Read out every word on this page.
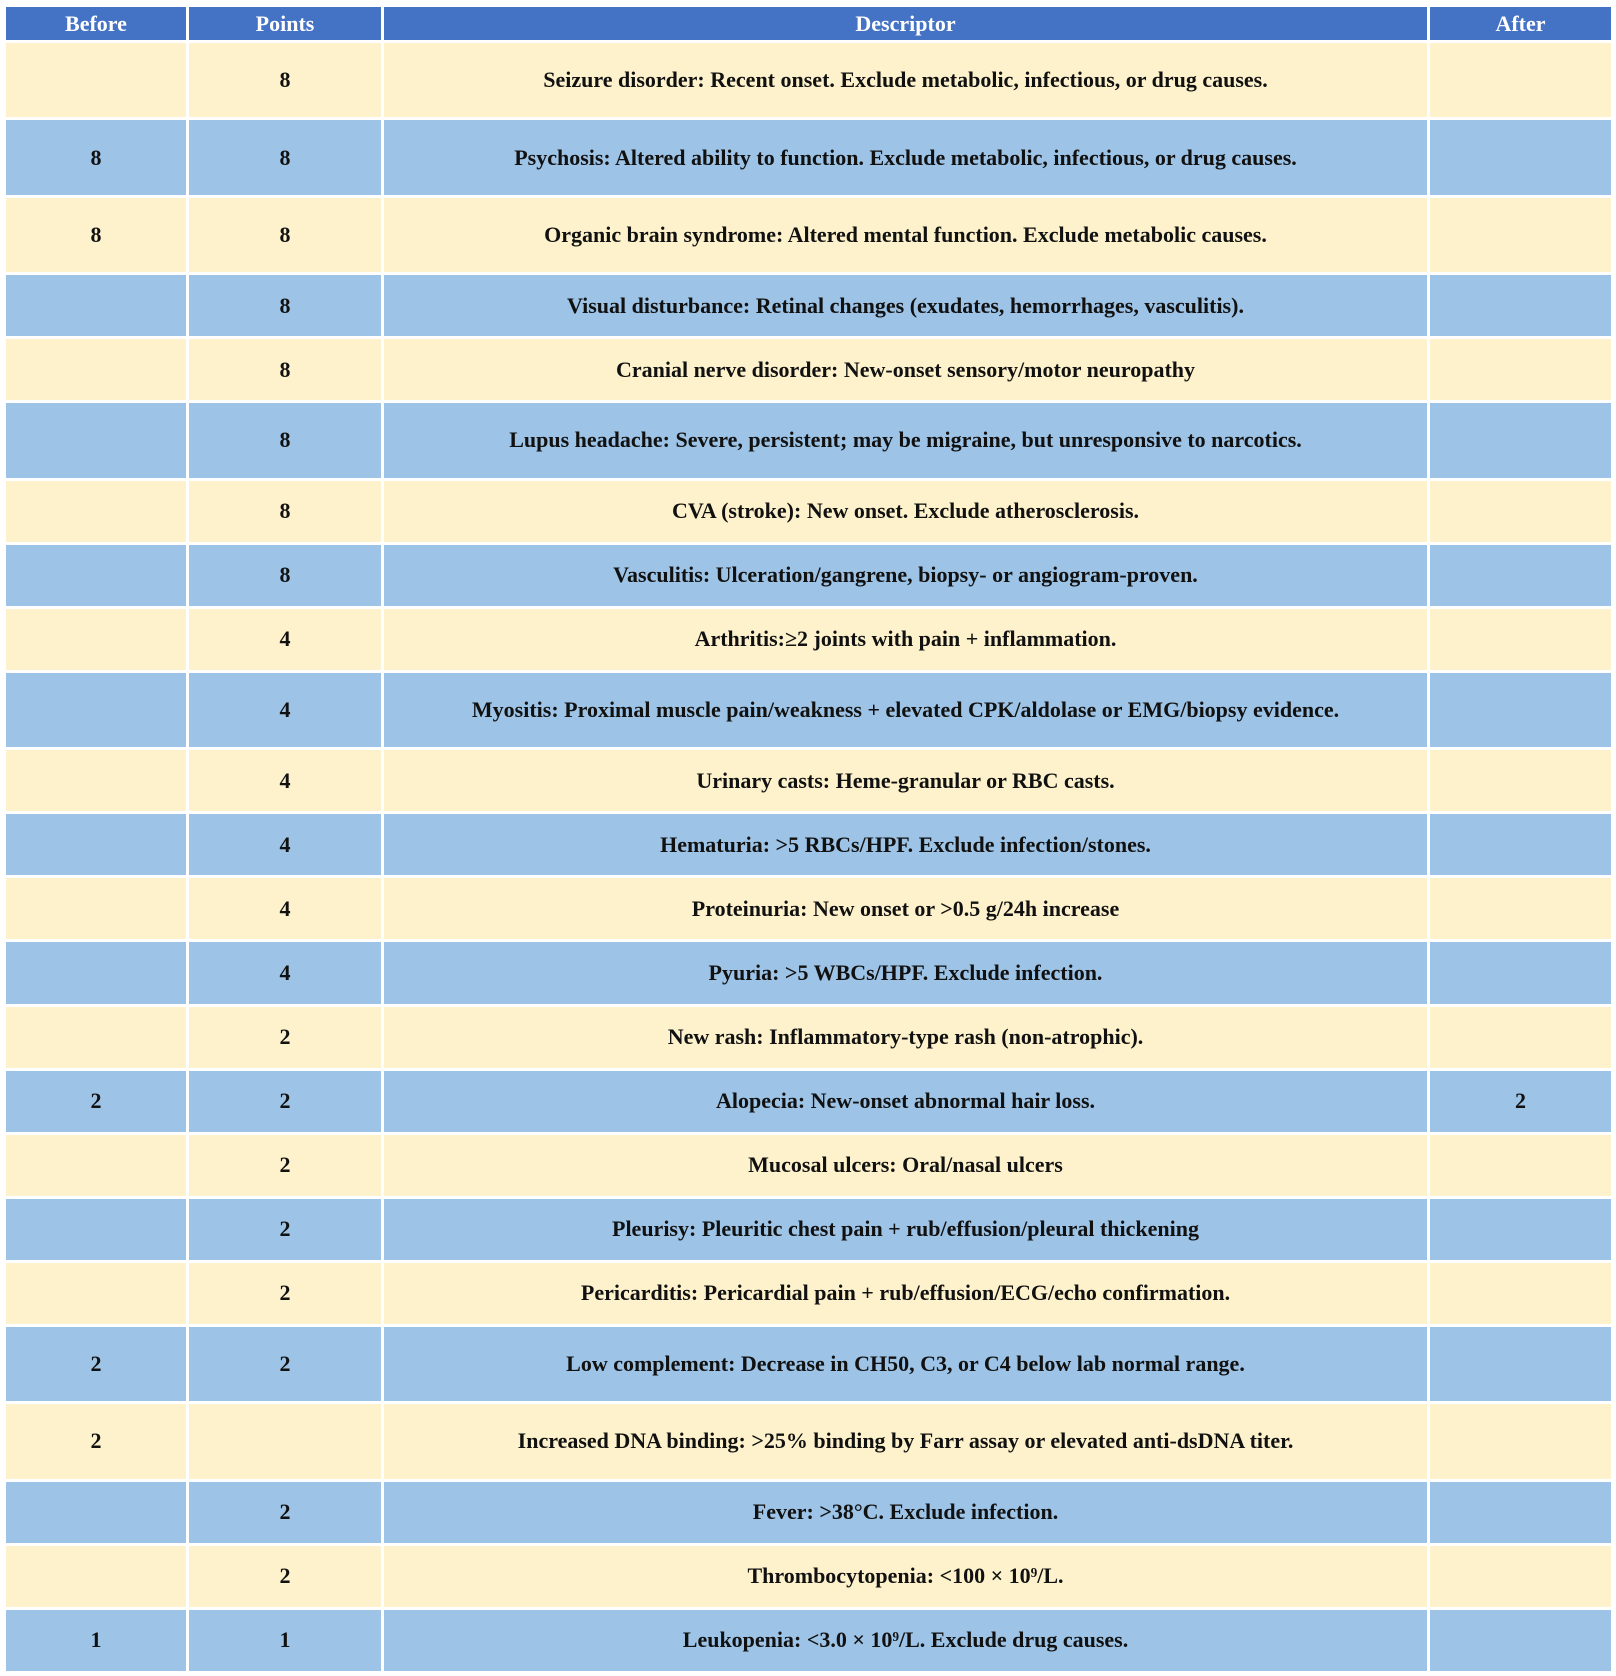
Before	Points	Descriptor	After
	8	Seizure disorder: Recent onset. Exclude metabolic, infectious, or drug causes.	
8	8	Psychosis: Altered ability to function. Exclude metabolic, infectious, or drug causes.	
8	8	Organic brain syndrome: Altered mental function. Exclude metabolic causes.	
	8	Visual disturbance: Retinal changes (exudates, hemorrhages, vasculitis).	
	8	Cranial nerve disorder: New-onset sensory/motor neuropathy	
	8	Lupus headache: Severe, persistent; may be migraine, but unresponsive to narcotics.	
	8	CVA (stroke): New onset. Exclude atherosclerosis.	
	8	Vasculitis: Ulceration/gangrene, biopsy- or angiogram-proven.	
	4	Arthritis:≥2 joints with pain + inflammation.	
	4	Myositis: Proximal muscle pain/weakness + elevated CPK/aldolase or EMG/biopsy evidence.	
	4	Urinary casts: Heme-granular or RBC casts.	
	4	Hematuria: >5 RBCs/HPF. Exclude infection/stones.	
	4	Proteinuria: New onset or >0.5 g/24h increase	
	4	Pyuria: >5 WBCs/HPF. Exclude infection.	
	2	New rash: Inflammatory-type rash (non-atrophic).	
2	2	Alopecia: New-onset abnormal hair loss.	2
	2	Mucosal ulcers: Oral/nasal ulcers	
	2	Pleurisy: Pleuritic chest pain + rub/effusion/pleural thickening	
	2	Pericarditis: Pericardial pain + rub/effusion/ECG/echo confirmation.	
2	2	Low complement: Decrease in CH50, C3, or C4 below lab normal range.	
2		Increased DNA binding: >25% binding by Farr assay or elevated anti-dsDNA titer.	
	2	Fever: >38°C. Exclude infection.	
	2	Thrombocytopenia: <100 × 10⁹/L.	
1	1	Leukopenia: <3.0 × 10⁹/L. Exclude drug causes.	
